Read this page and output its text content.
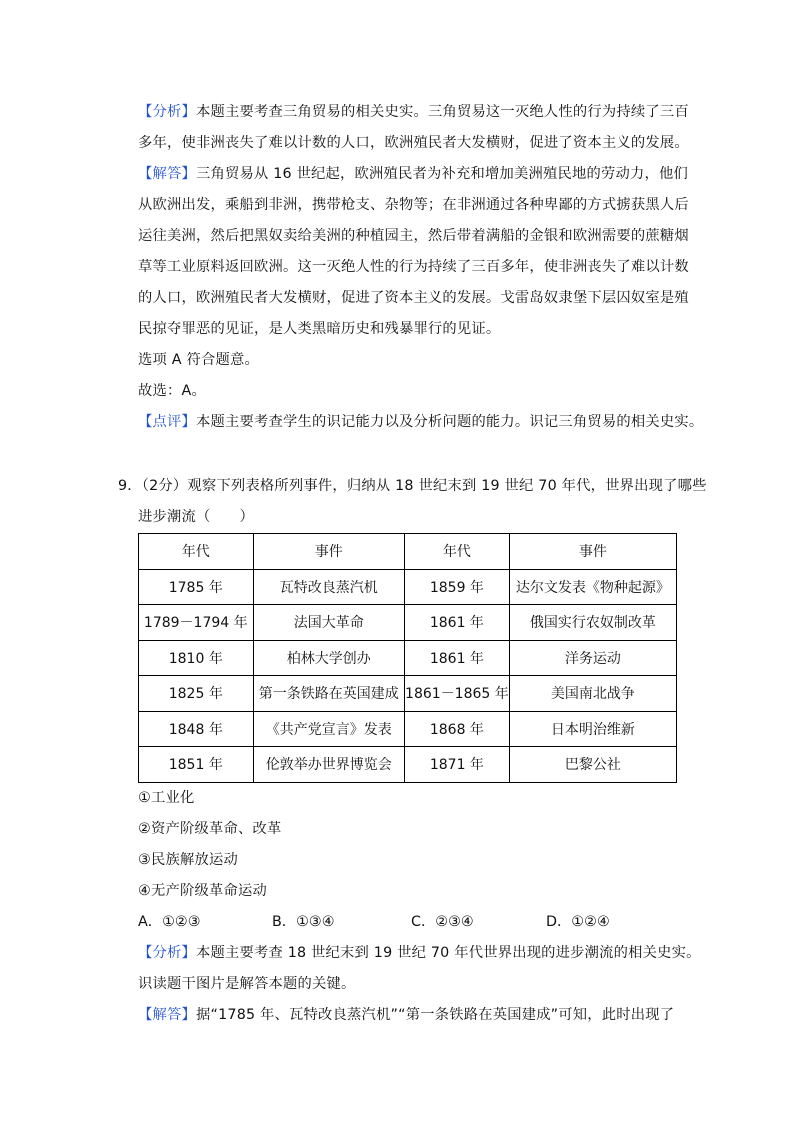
【分析】本题主要考查三角贸易的相关史实。三角贸易这一灭绝人性的行为持续了三百
多年，使非洲丧失了难以计数的人口，欧洲殖民者大发横财，促进了资本主义的发展。
【解答】三角贸易从 16 世纪起，欧洲殖民者为补充和增加美洲殖民地的劳动力，他们
从欧洲出发，乘船到非洲，携带枪支、杂物等；在非洲通过各种卑鄙的方式掳获黑人后
运往美洲，然后把黑奴卖给美洲的种植园主，然后带着满船的金银和欧洲需要的蔗糖烟
草等工业原料返回欧洲。这一灭绝人性的行为持续了三百多年，使非洲丧失了难以计数
的人口，欧洲殖民者大发横财，促进了资本主义的发展。戈雷岛奴隶堡下层囚奴室是殖
民掠夺罪恶的见证，是人类黑暗历史和残暴罪行的见证。
选项 A 符合题意。
故选：A。
【点评】本题主要考查学生的识记能力以及分析问题的能力。识记三角贸易的相关史实。
9．（2分）观察下列表格所列事件，归纳从 18 世纪末到 19 世纪 70 年代，世界出现了哪些
进步潮流（　　）
年代	事件	年代	事件
1785 年	瓦特改良蒸汽机	1859 年	达尔文发表《物种起源》
1789－1794 年	法国大革命	1861 年	俄国实行农奴制改革
1810 年	柏林大学创办	1861 年	洋务运动
1825 年	第一条铁路在英国建成	1861－1865 年	美国南北战争
1848 年	《共产党宣言》发表	1868 年	日本明治维新
1851 年	伦敦举办世界博览会	1871 年	巴黎公社
①工业化
②资产阶级革命、改革
③民族解放运动
④无产阶级革命运动
A．①②③	B．①③④	C．②③④	D．①②④
【分析】本题主要考查 18 世纪末到 19 世纪 70 年代世界出现的进步潮流的相关史实。
识读题干图片是解答本题的关键。
【解答】据“1785 年、瓦特改良蒸汽机”“第一条铁路在英国建成”可知，此时出现了
